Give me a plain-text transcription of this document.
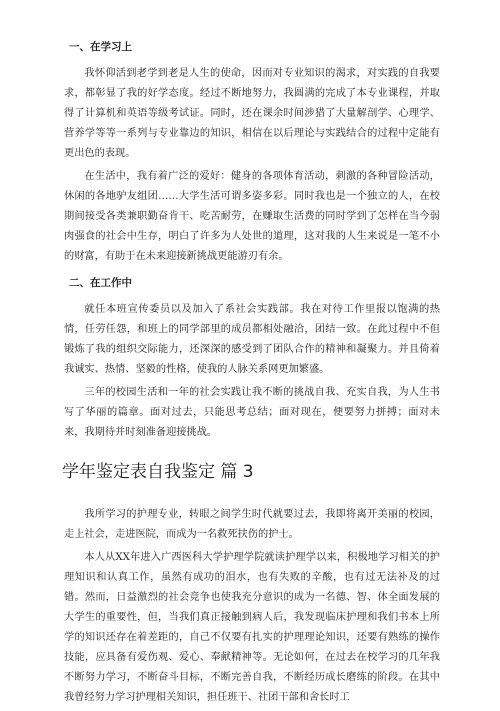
一、在学习上

我怀仰活到老学到老是人生的使命，因而对专业知识的渴求，对实践的自我要求，都彰显了我的好学态度。经过不断地努力，我圆满的完成了本专业课程，并取得了计算机和英语等级考试证。同时，还在课余时间涉猎了大量解剖学、心理学、营养学等等一系列与专业靠边的知识，相信在以后理论与实践结合的过程中定能有更出色的表现。

在生活中，我有着广泛的爱好：健身的各项体育活动，刺激的各种冒险活动，休闲的各地驴友组团……大学生活可谓多姿多彩。同时我也是一个独立的人，在校期间接受各类兼职勤奋肯干、吃苦耐劳，在赚取生活费的同时学到了怎样在当今弱肉强食的社会中生存，明白了许多为人处世的道理，这对我的人生来说是一笔不小的财富，有助于在未来迎接新挑战更能游刃有余。

二、在工作中

就任本班宣传委员以及加入了系社会实践部。我在对待工作里报以饱满的热情，任劳任怨，和班上的同学部里的成员都相处融洽，团结一致。在此过程中不但锻炼了我的组织交际能力，还深深的感受到了团队合作的精神和凝聚力。并且倚着我诚实、热情、坚毅的性格，使我的人脉关系网更加繁盛。

三年的校园生活和一年的社会实践让我不断的挑战自我、充实自我，为人生书写了华丽的篇章。面对过去，只能思考总结；面对现在，便要努力拼搏；面对未来，我期待并时刻准备迎接挑战。

学年鉴定表自我鉴定 篇 3

我所学习的护理专业，转眼之间学生时代就要过去，我即将离开美丽的校园，走上社会，走进医院，而成为一名救死扶伤的护士。

本人从XX年进入广西医科大学护理学院就读护理学以来，积极地学习相关的护理知识和认真工作，虽然有成功的泪水，也有失败的辛酸，也有过无法补及的过错。然而，日益激烈的社会竞争也使我充分意识的成为一名德、智、体全面发展的大学生的重要性，但，当我们真正接触到病人后，我发现临床护理和我们书本上所学的知识还存在着差距的，自己不仅要有扎实的护理理论知识，还要有熟练的操作技能，应具备有爱伤观、爱心、奉献精神等。无论如何，在过去在校学习的几年我不断努力学习，不断奋斗目标，不断完善自我，不断经历成长磨练的阶段。在其中我曾经努力学习护理相关知识，担任班干、社团干部和舍长时工
